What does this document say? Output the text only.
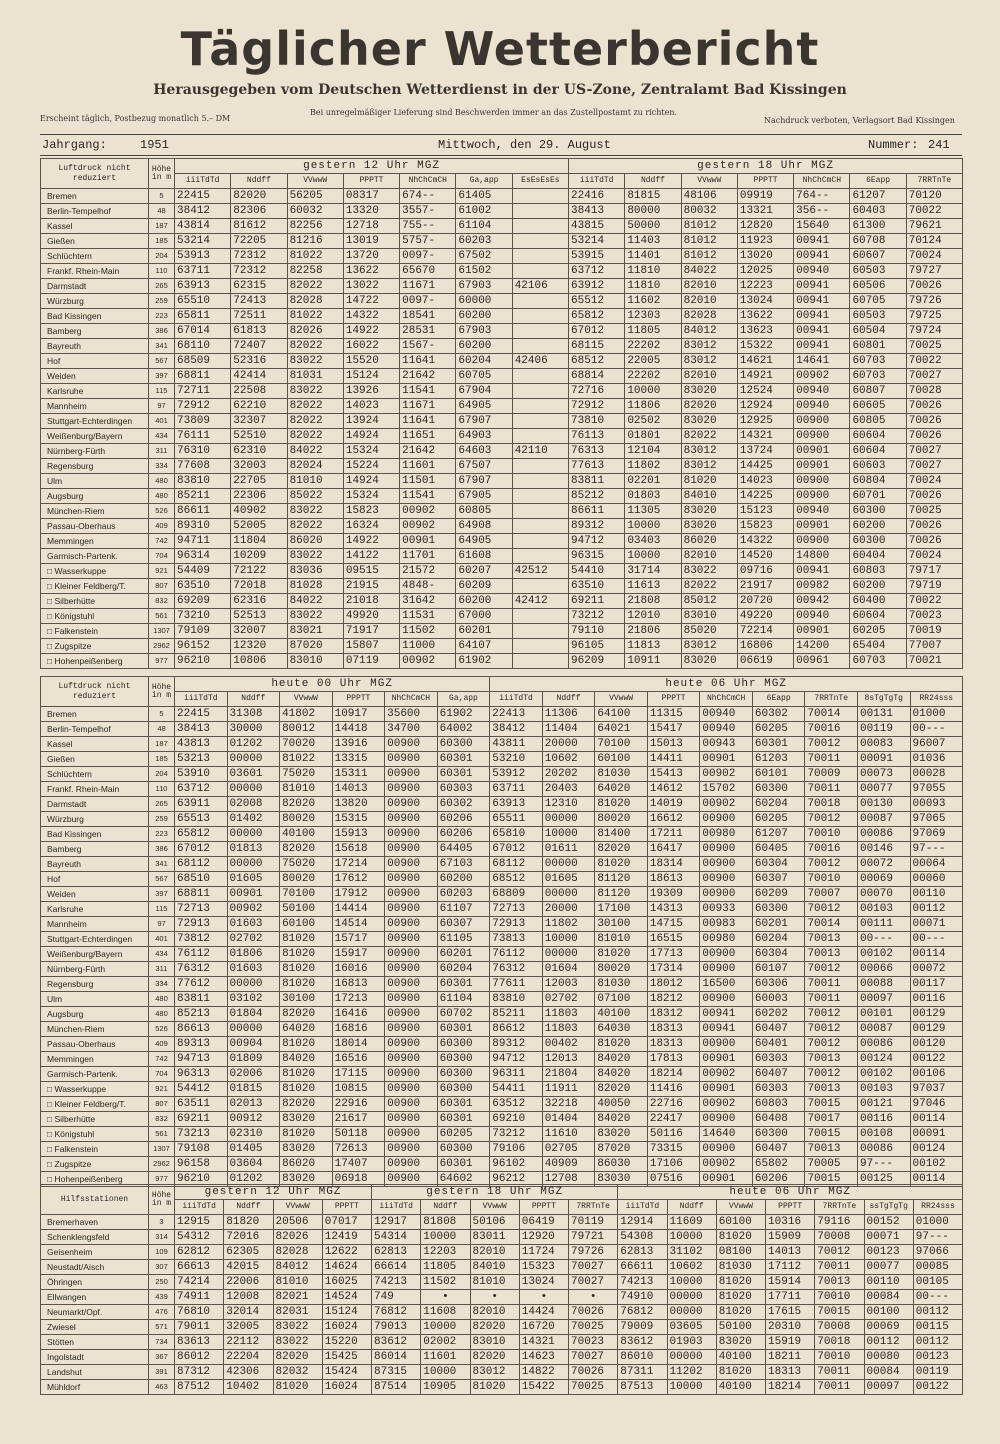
Täglicher Wetterbericht
Herausgegeben vom Deutschen Wetterdienst in der US-Zone, Zentralamt Bad Kissingen
Erscheint täglich, Postbezug monatlich 5.– DM
Bei unregelmäßiger Lieferung sind Beschwerden immer an das Zustellpostamt zu richten.
Nachdruck verboten, Verlagsort Bad Kissingen
Jahrgang:	1951	Mittwoch, den 29. August	Nummer: 241
Luftdruck nicht reduziert	Höhe in m	gestern 12 Uhr MGZ							gestern 18 Uhr MGZ						
		iiiTdTd	Nddff	VVwwW	PPPTT	NhChCmCH	Ga,app	EsEsEsEs	iiiTdTd	Nddff	VVwwW	PPPTT	NhChCmCH	6Eapp	7RRTnTe
Bremen	5	22415	82020	56205	08317	674--	61405		22416	81815	48106	09919	764--	61207	70120
Berlin-Tempelhof	48	38412	82306	60032	13320	3557-	61002		38413	80000	80032	13321	356--	60403	70022
Kassel	187	43814	81612	82256	12718	755--	61104		43815	50000	81012	12820	15640	61300	79621
Gießen	185	53214	72205	81216	13019	5757-	60203		53214	11403	81012	11923	00941	60708	70124
Schlüchtern	204	53913	72312	81022	13720	0097-	67502		53915	11401	81012	13020	00941	60607	70024
Frankf. Rhein-Main	110	63711	72312	82258	13622	65670	61502		63712	11810	84022	12025	00940	60503	79727
Darmstadt	265	63913	62315	82022	13022	11671	67903	42106	63912	11810	82010	12223	00941	60506	70026
Würzburg	259	65510	72413	82028	14722	0097-	60000		65512	11602	82010	13024	00941	60705	79726
Bad Kissingen	223	65811	72511	81022	14322	18541	60200		65812	12303	82028	13622	00941	60503	79725
Bamberg	386	67014	61813	82026	14922	28531	67903		67012	11805	84012	13623	00941	60504	79724
Bayreuth	341	68110	72407	82022	16022	1567-	60200		68115	22202	83012	15322	00941	60801	70025
Hof	567	68509	52316	83022	15520	11641	60204	42406	68512	22005	83012	14621	14641	60703	70022
Weiden	397	68811	42414	81031	15124	21642	60705		68814	22202	82010	14921	00902	60703	70027
Karlsruhe	115	72711	22508	83022	13926	11541	67904		72716	10000	83020	12524	00940	60807	70028
Mannheim	97	72912	62210	82022	14023	11671	64905		72912	11806	82020	12924	00940	60605	70026
Stuttgart-Echterdingen	401	73809	32307	82022	13924	11641	67907		73810	02502	83020	12925	00900	60805	70026
Weißenburg/Bayern	434	76111	52510	82022	14924	11651	64903		76113	01801	82022	14321	00900	60604	70026
Nürnberg-Fürth	311	76310	62310	84022	15324	21642	64603	42110	76313	12104	83012	13724	00901	60604	70027
Regensburg	334	77608	32003	82024	15224	11601	67507		77613	11802	83012	14425	00901	60603	70027
Ulm	480	83810	22705	81010	14924	11501	67907		83811	02201	81020	14023	00900	60804	70024
Augsburg	480	85211	22306	85022	15324	11541	67905		85212	01803	84010	14225	00900	60701	70026
München-Riem	526	86611	40902	83022	15823	00902	60805		86611	11305	83020	15123	00940	60300	70025
Passau-Oberhaus	409	89310	52005	82022	16324	00902	64908		89312	10000	83020	15823	00901	60200	70026
Memmingen	742	94711	11804	86020	14922	00901	64905		94712	03403	86020	14322	00900	60300	70026
Garmisch-Partenk.	704	96314	10209	83022	14122	11701	61608		96315	10000	82010	14520	14800	60404	70024
□ Wasserkuppe	921	54409	72122	83036	09515	21572	60207	42512	54410	31714	83022	09716	00941	60803	79717
□ Kleiner Feldberg/T.	807	63510	72018	81028	21915	4848-	60209		63510	11613	82022	21917	00982	60200	79719
□ Silberhütte	832	69209	62316	84022	21018	31642	60200	42412	69211	21808	85012	20720	00942	60400	70022
□ Königstuhl	561	73210	52513	83022	49920	11531	67000		73212	12010	83010	49220	00940	60604	70023
□ Falkenstein	1307	79109	32007	83021	71917	11502	60201		79110	21806	85020	72214	00901	60205	70019
□ Zugspitze	2962	96152	12320	87020	15807	11000	64107		96105	11813	83012	16806	14200	65404	77007
□ Hohenpeißenberg	977	96210	10806	83010	07119	00902	61902		96209	10911	83020	06619	00961	60703	70021
Luftdruck nicht reduziert	Höhe in m	heute 00 Uhr MGZ						heute 06 Uhr MGZ								
		iiiTdTd	Nddff	VVwwW	PPPTT	NhChCmCH	Ga,app	iiiTdTd	Nddff	VVwwW	PPPTT	NhChCmCH	6Eapp	7RRTnTe	8sTgTgTg	RR24sss
Bremen	5	22415	31308	41802	10917	35600	61902	22413	11306	64100	11315	00940	60302	70014	00131	01000
Berlin-Tempelhof	48	38413	30000	80012	14418	34700	64002	38412	11404	64021	15417	00940	60205	70016	00119	00---
Kassel	187	43813	01202	70020	13916	00900	60300	43811	20000	70100	15013	00943	60301	70012	00083	96007
Gießen	185	53213	00000	81022	13315	00900	60301	53210	10602	60100	14411	00901	61203	70011	00091	01036
Schlüchtern	204	53910	03601	75020	15311	00900	60301	53912	20202	81030	15413	00902	60101	70009	00073	00028
Frankf. Rhein-Main	110	63712	00000	81010	14013	00900	60303	63711	20403	64020	14612	15702	60300	70011	00077	97055
Darmstadt	265	63911	02008	82020	13820	00900	60302	63913	12310	81020	14019	00902	60204	70018	00130	00093
Würzburg	259	65513	01402	80020	15315	00900	60206	65511	00000	80020	16612	00900	60205	70012	00087	97065
Bad Kissingen	223	65812	00000	40100	15913	00900	60206	65810	10000	81400	17211	00980	61207	70010	00086	97069
Bamberg	386	67012	01813	82020	15618	00900	64405	67012	01611	82020	16417	00900	60405	70016	00146	97---
Bayreuth	341	68112	00000	75020	17214	00900	67103	68112	00000	81020	18314	00900	60304	70012	00072	00064
Hof	567	68510	01605	80020	17612	00900	60200	68512	01605	81120	18613	00900	60307	70010	00069	00060
Weiden	397	68811	00901	70100	17912	00900	60203	68809	00000	81120	19309	00900	60209	70007	00070	00110
Karlsruhe	115	72713	00902	50100	14414	00900	61107	72713	20000	17100	14313	00933	60300	70012	00103	00112
Mannheim	97	72913	01603	60100	14514	00900	60307	72913	11802	30100	14715	00983	60201	70014	00111	00071
Stuttgart-Echterdingen	401	73812	02702	81020	15717	00900	61105	73813	10000	81010	16515	00980	60204	70013	00---	00---
Weißenburg/Bayern	434	76112	01806	81020	15917	00900	60201	76112	00000	81020	17713	00900	60304	70013	00102	00114
Nürnberg-Fürth	311	76312	01603	81020	16016	00900	60204	76312	01604	80020	17314	00900	60107	70012	00066	00072
Regensburg	334	77612	00000	81020	16813	00900	60301	77611	12003	81030	18012	16500	60306	70011	00088	00117
Ulm	480	83811	03102	30100	17213	00900	61104	83810	02702	07100	18212	00900	60003	70011	00097	00116
Augsburg	480	85213	01804	82020	16416	00900	60702	85211	11803	40100	18312	00941	60202	70012	00101	00129
München-Riem	526	86613	00000	64020	16816	00900	60301	86612	11803	64030	18313	00941	60407	70012	00087	00129
Passau-Oberhaus	409	89313	00904	81020	18014	00900	60300	89312	00402	81020	18313	00900	60401	70012	00086	00120
Memmingen	742	94713	01809	84020	16516	00900	60300	94712	12013	84020	17813	00901	60303	70013	00124	00122
Garmisch-Partenk.	704	96313	02006	81020	17115	00900	60300	96311	21804	84020	18214	00902	60407	70012	00102	00106
□ Wasserkuppe	921	54412	01815	81020	10815	00900	60300	54411	11911	82020	11416	00901	60303	70013	00103	97037
□ Kleiner Feldberg/T.	807	63511	02013	82020	22916	00900	60301	63512	32218	40050	22716	00902	60803	70015	00121	97046
□ Silberhütte	832	69211	00912	83020	21617	00900	60301	69210	01404	84020	22417	00900	60408	70017	00116	00114
□ Königstuhl	561	73213	02310	81020	50118	00900	60205	73212	11610	83020	50116	14640	60300	70015	00108	00091
□ Falkenstein	1307	79108	01405	83020	72613	00900	60300	79106	02705	87020	73315	00900	60407	70013	00086	00124
□ Zugspitze	2962	96158	03604	86020	17407	00900	60301	96102	40909	86030	17106	00902	65802	70005	97---	00102
□ Hohenpeißenberg	977	96210	01202	83020	06918	00900	64602	96212	12708	83030	07516	00901	60206	70015	00125	00114
Hilfsstationen	Höhe in m	gestern 12 Uhr MGZ				gestern 18 Uhr MGZ					heute 06 Uhr MGZ						
		iiiTdTd	Nddff	VVwwW	PPPTT	iiiTdTd	Nddff	VVwwW	PPPTT	7RRTnTe	iiiTdTd	Nddff	VVwwW	PPPTT	7RRTnTe	ssTgTgTg	RR24sss
Bremerhaven	3	12915	81820	20506	07017	12917	81808	50106	06419	70119	12914	11609	60100	10316	79116	00152	01000
Schenklengsfeld	314	54312	72016	82026	12419	54314	10000	83011	12920	79721	54308	10000	81020	15909	70008	00071	97---
Geisenheim	109	62812	62305	82028	12622	62813	12203	82010	11724	79726	62813	31102	08100	14013	70012	00123	97066
Neustadt/Aisch	307	66613	42015	84012	14624	66614	11805	84010	15323	70027	66611	10602	81030	17112	70011	00077	00085
Öhringen	250	74214	22006	81010	16025	74213	11502	81010	13024	70027	74213	10000	81020	15914	70013	00110	00105
Ellwangen	439	74911	12008	82021	14524	749	•	•	•	•	74910	00000	81020	17711	70010	00084	00---
Neumarkt/Opf.	476	76810	32014	82031	15124	76812	11608	82010	14424	70026	76812	00000	81020	17615	70015	00100	00112
Zwiesel	571	79011	32005	83022	16024	79013	10000	82020	16720	70025	79009	03605	50100	20310	70008	00069	00115
Stötten	734	83613	22112	83022	15220	83612	02002	83010	14321	70023	83612	01903	83020	15919	70018	00112	00112
Ingolstadt	367	86012	22204	82020	15425	86014	11601	82020	14623	70027	86010	00000	40100	18211	70010	00080	00123
Landshut	391	87312	42306	82032	15424	87315	10000	83012	14822	70026	87311	11202	81020	18313	70011	00084	00119
Mühldorf	463	87512	10402	81020	16024	87514	10905	81020	15422	70025	87513	10000	40100	18214	70011	00097	00122
